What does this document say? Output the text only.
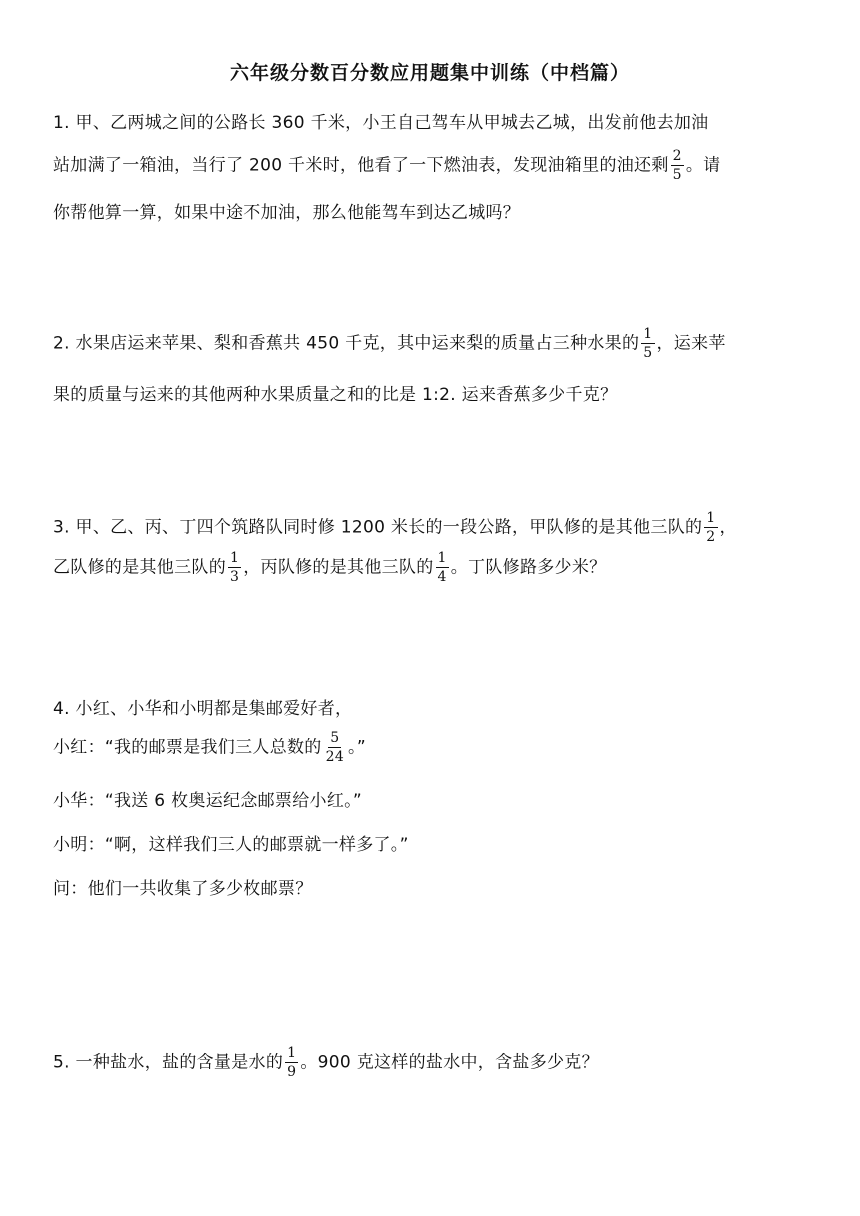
六年级分数百分数应用题集中训练（中档篇）
1. 甲、乙两城之间的公路长 360 千米，小王自己驾车从甲城去乙城，出发前他去加油
站加满了一箱油，当行了 200 千米时，他看了一下燃油表，发现油箱里的油还剩 $\frac{2}{5}$ 。请
你帮他算一算，如果中途不加油，那么他能驾车到达乙城吗？
2. 水果店运来苹果、梨和香蕉共 450 千克，其中运来梨的质量占三种水果的 $\frac{1}{5}$ ，运来苹
果的质量与运来的其他两种水果质量之和的比是 1:2. 运来香蕉多少千克？
3. 甲、乙、丙、丁四个筑路队同时修 1200 米长的一段公路，甲队修的是其他三队的 $\frac{1}{2}$ ，
乙队修的是其他三队的 $\frac{1}{3}$ ，丙队修的是其他三队的 $\frac{1}{4}$ 。丁队修路多少米？
4. 小红、小华和小明都是集邮爱好者，
小红：“我的邮票是我们三人总数的 $\frac{5}{24}$ 。”
小华：“我送 6 枚奥运纪念邮票给小红。”
小明：“啊，这样我们三人的邮票就一样多了。”
问：他们一共收集了多少枚邮票？
5. 一种盐水，盐的含量是水的 $\frac{1}{9}$ 。900 克这样的盐水中，含盐多少克？
